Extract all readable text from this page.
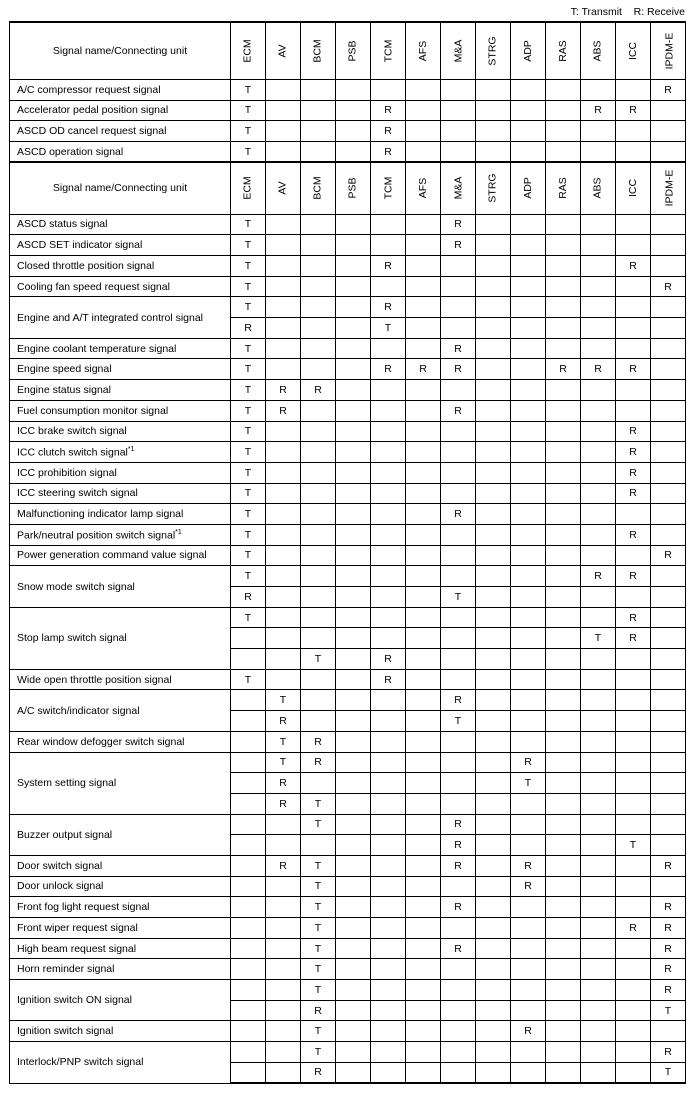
T: Transmit    R: Receive
Signal name/Connecting unit	ECM	AV	BCM	PSB	TCM	AFS	M&A	STRG	ADP	RAS	ABS	ICC	IPDM-E
A/C compressor request signal	T												R
Accelerator pedal position signal	T				R						R	R	
ASCD OD cancel request signal	T				R								
ASCD operation signal	T				R								
Signal name/Connecting unit	ECM	AV	BCM	PSB	TCM	AFS	M&A	STRG	ADP	RAS	ABS	ICC	IPDM-E
ASCD status signal	T						R						
ASCD SET indicator signal	T						R						
Closed throttle position signal	T				R							R	
Cooling fan speed request signal	T												R
Engine and A/T integrated control signal	T				R								
	R				T								
Engine coolant temperature signal	T						R						
Engine speed signal	T				R	R	R			R	R	R	
Engine status signal	T	R	R										
Fuel consumption monitor signal	T	R					R						
ICC brake switch signal	T											R	
ICC clutch switch signal$^{*1}$	T											R	
ICC prohibition signal	T											R	
ICC steering switch signal	T											R	
Malfunctioning indicator lamp signal	T						R						
Park/neutral position switch signal$^{*1}$	T											R	
Power generation command value signal	T												R
Snow mode switch signal	T										R	R	
	R						T						
Stop lamp switch signal	T											R	
											T	R	
			T		R								
Wide open throttle position signal	T				R								
A/C switch/indicator signal		T					R						
		R					T						
Rear window defogger switch signal		T	R										
System setting signal		T	R						R				
		R							T				
		R	T										
Buzzer output signal			T				R						
							R					T	
Door switch signal		R	T				R		R				R
Door unlock signal			T						R				
Front fog light request signal			T				R						R
Front wiper request signal			T									R	R
High beam request signal			T				R						R
Horn reminder signal			T										R
Ignition switch ON signal			T										R
			R										T
Ignition switch signal			T						R				
Interlock/PNP switch signal			T										R
			R										T
